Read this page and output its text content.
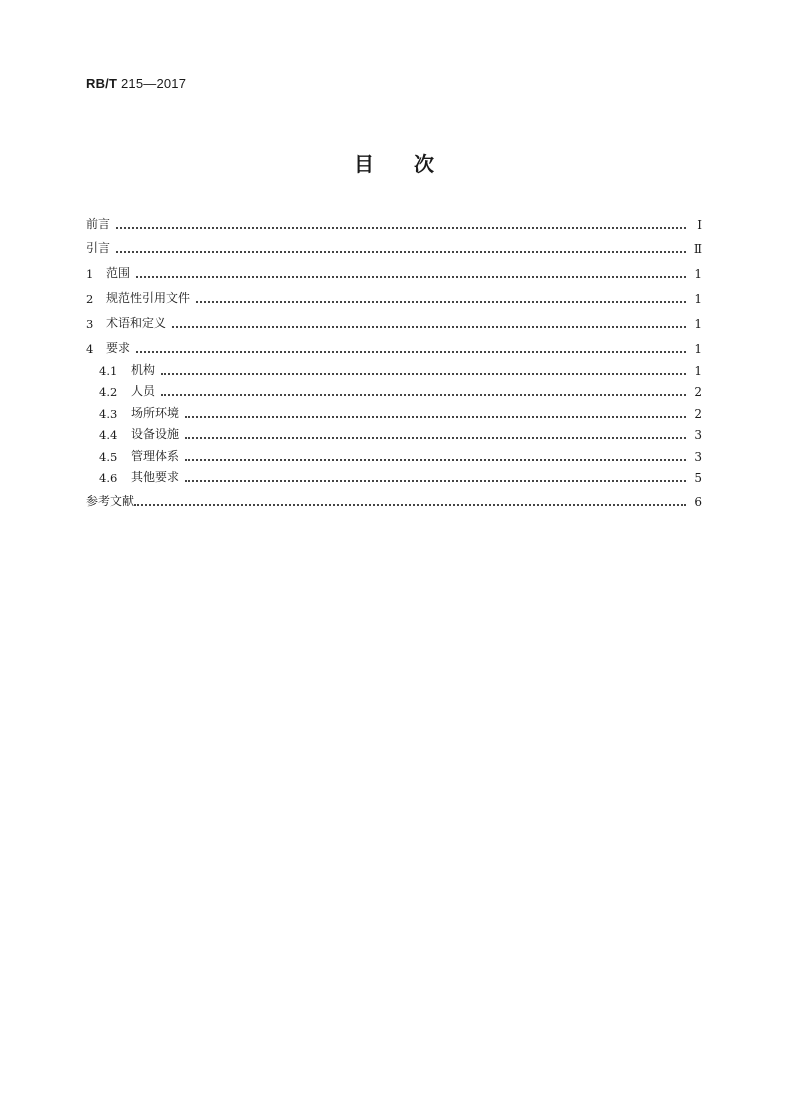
RB/T 215—2017
目　　次
前言	Ⅰ
引言	Ⅱ
1	范围	1
2	规范性引用文件	1
3	术语和定义	1
4	要求	1
4.1	机构	1
4.2	人员	2
4.3	场所环境	2
4.4	设备设施	3
4.5	管理体系	3
4.6	其他要求	5
参考文献	6
